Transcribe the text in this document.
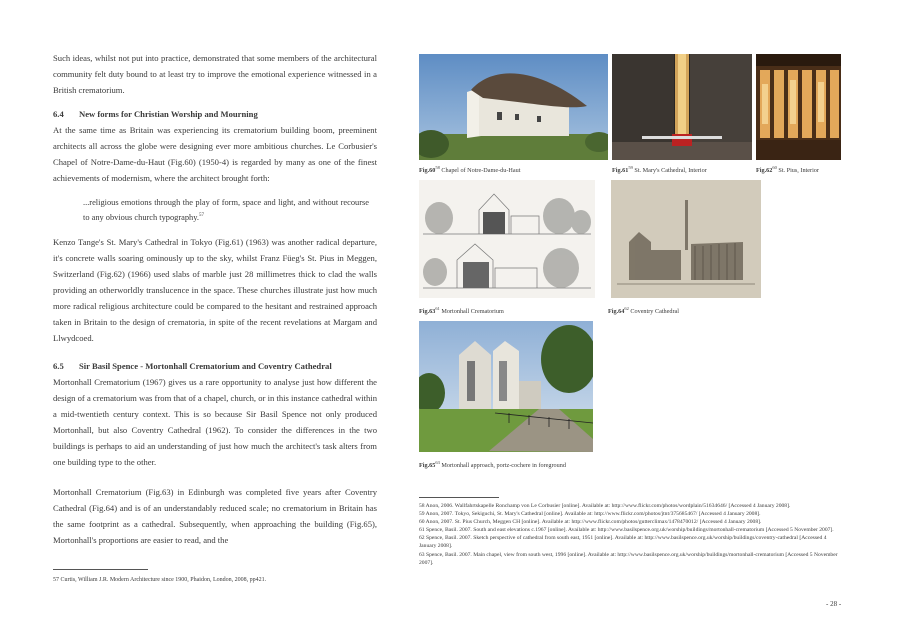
Such ideas, whilst not put into practice, demonstrated that some members of the architectural community felt duty bound to at least try to improve the emotional experience witnessed in a British crematorium.

6.4 New forms for Christian Worship and Mourning

At the same time as Britain was experiencing its crematorium building boom, preeminent architects all across the globe were designing ever more ambitious churches. Le Corbusier's Chapel of Notre-Dame-du-Haut (Fig.60) (1950-4) is regarded by many as one of the finest achievements of modernism, where the architect brought forth:

...religious emotions through the play of form, space and light, and without recourse to any obvious church typography.$^{57}$

Kenzo Tange's St. Mary's Cathedral in Tokyo (Fig.61) (1963) was another radical departure, it's concrete walls soaring ominously up to the sky, whilst Franz Füeg's St. Pius in Meggen, Switzerland (Fig.62) (1966) used slabs of marble just 28 millimetres thick to clad the walls providing an otherworldly translucence in the space. These churches illustrate just how much more radical religious architecture could be compared to the hesitant and restrained approach taken in Britain to the design of crematoria, in spite of the recent revelations at Margam and Llwydcoed.

6.5 Sir Basil Spence - Mortonhall Crematorium and Coventry Cathedral

Mortonhall Crematorium (1967) gives us a rare opportunity to analyse just how different the design of a crematorium was from that of a chapel, church, or in this instance cathedral within a mid-twentieth century context. This is so because Sir Basil Spence not only produced Mortonhall, but also Coventry Cathedral (1962). To consider the differences in the two buildings is perhaps to aid an understanding of just how much the architect's task alters from one building type to the other.

Mortonhall Crematorium (Fig.63) in Edinburgh was completed five years after Coventry Cathedral (Fig.64) and is of an understandably reduced scale; no crematorium in Britain has the same footprint as a cathedral. Subsequently, when approaching the building (Fig.65), Mortonhall's proportions are easier to read, and the

57 Curtis, William J.R. Modern Architecture since 1900, Phaidon, London, 2008, pp421.
$Fig.60^{58}$ Chapel of Notre-Dame-du-Haut	$Fig.61^{59}$ St. Mary's Cathedral, Interior	$Fig.62^{60}$ St. Pius, Interior
$Fig.63^{61}$ Mortonhall Crematorium	$Fig.64^{62}$ Coventry Cathedral
$Fig.65^{63}$ Mortonhall approach, portz-cochere in foreground

58 Anon, 2006. Wallfahrtskapelle Ronchamp von Le Corbusier [online]. Available at: http://www.flickr.com/photos/wordplain/51634646/ [Accessed 4 January 2008].

59 Anon, 2007. Tokyo, Sekiguchi, St. Mary's Cathedral [online]. Available at: http://www.flickr.com/photos/jtnt/375685467/ [Accessed 4 January 2008].

60 Anon, 2007. St. Pius Church, Meggen CH [online]. Available at: http://www.flickr.com/photos/gutterclimax/1478470012/ [Accessed 4 January 2008].

61 Spence, Basil. 2007. South and east elevations c.1967 [online]. Available at: http://www.basilspence.org.uk/worship/buildings/mortonhall-crematorium [Accessed 5 November 2007].

62 Spence, Basil. 2007. Sketch perspective of cathedral from south east, 1951 [online]. Available at: http://www.basilspence.org.uk/worship/buildings/coventry-cathedral [Accessed 4 January 2008].

63 Spence, Basil. 2007. Main chapel, view from south west, 1996 [online]. Available at: http://www.basilspence.org.uk/worship/buildings/mortonhall-crematorium [Accessed 5 November 2007].

- 28 -
